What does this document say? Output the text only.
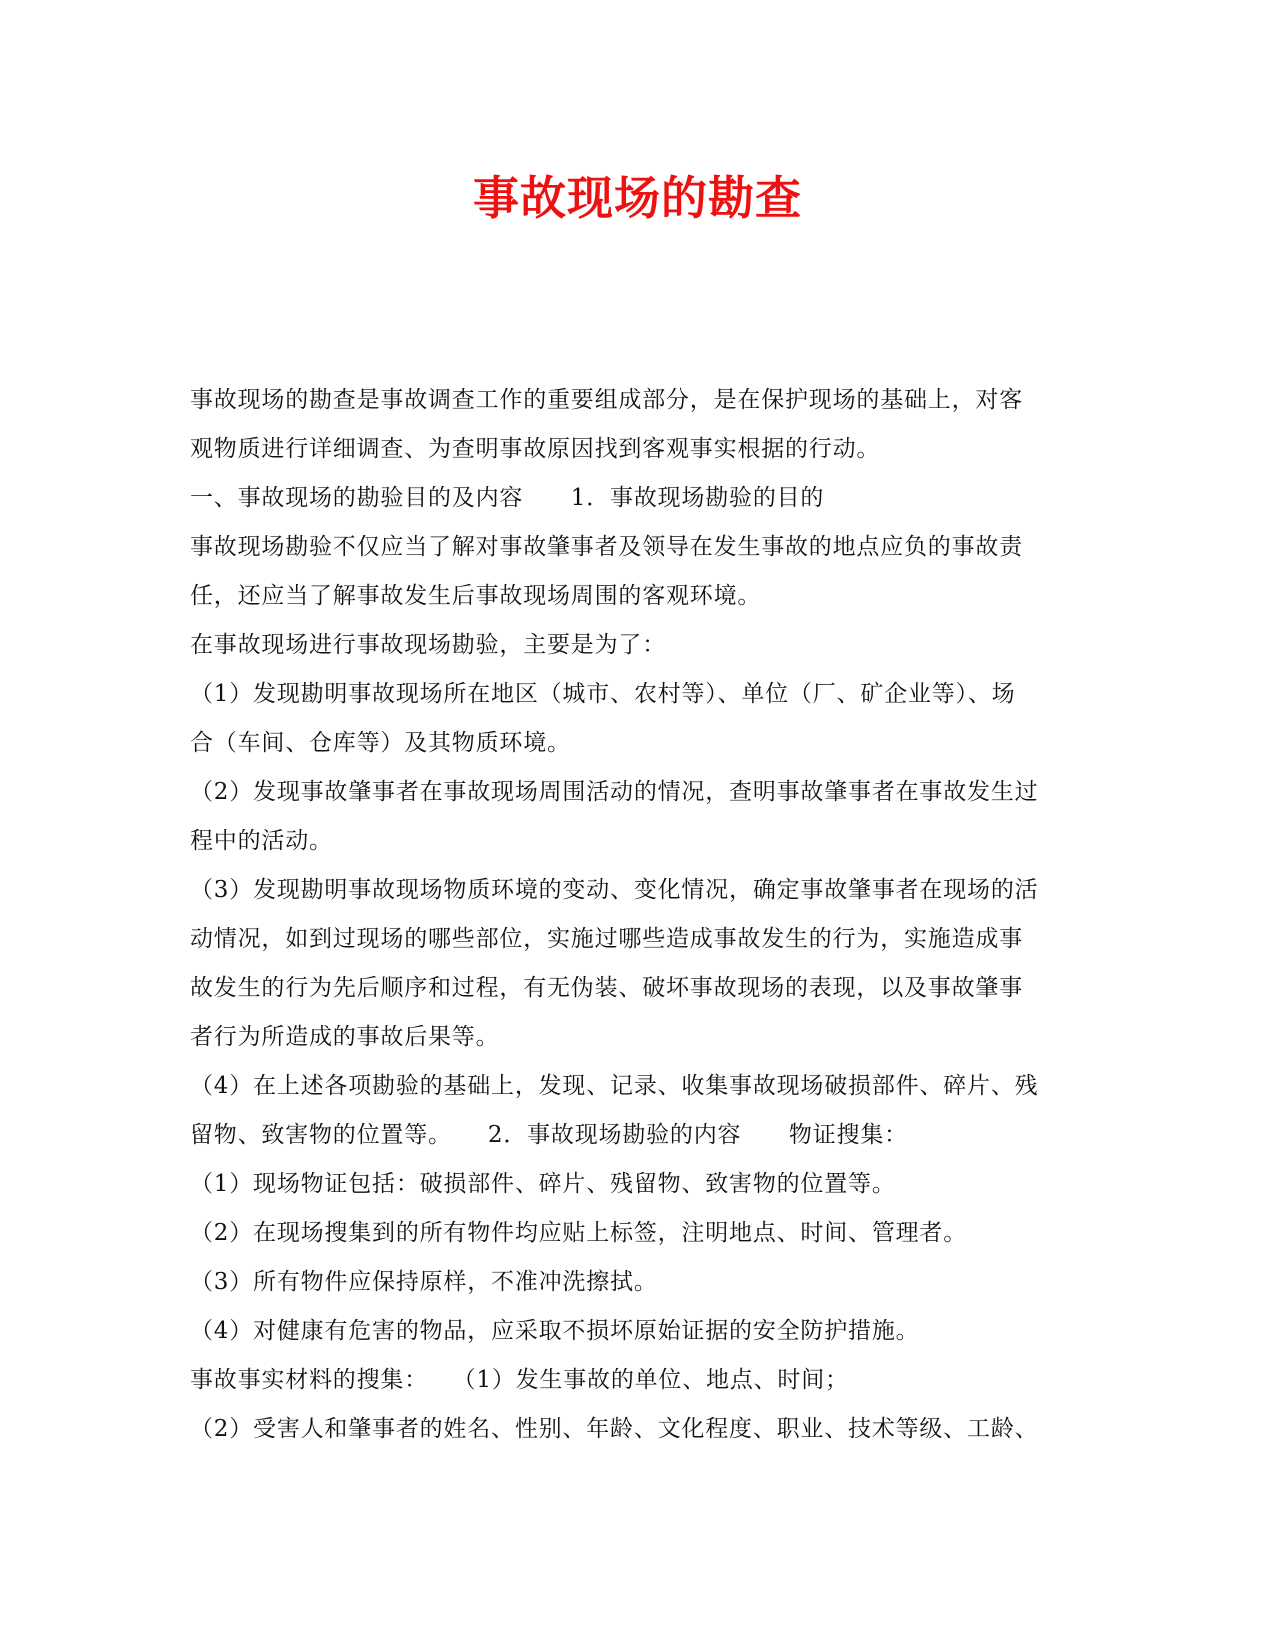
事故现场的勘查
事故现场的勘查是事故调查工作的重要组成部分，是在保护现场的基础上，对客
观物质进行详细调查、为查明事故原因找到客观事实根据的行动。
一、事故现场的勘验目的及内容　　1．事故现场勘验的目的
事故现场勘验不仅应当了解对事故肇事者及领导在发生事故的地点应负的事故责
任，还应当了解事故发生后事故现场周围的客观环境。
在事故现场进行事故现场勘验，主要是为了：
（1）发现勘明事故现场所在地区（城市、农村等）、单位（厂、矿企业等）、场
合（车间、仓库等）及其物质环境。
（2）发现事故肇事者在事故现场周围活动的情况，查明事故肇事者在事故发生过
程中的活动。
（3）发现勘明事故现场物质环境的变动、变化情况，确定事故肇事者在现场的活
动情况，如到过现场的哪些部位，实施过哪些造成事故发生的行为，实施造成事
故发生的行为先后顺序和过程，有无伪装、破坏事故现场的表现，以及事故肇事
者行为所造成的事故后果等。
（4）在上述各项勘验的基础上，发现、记录、收集事故现场破损部件、碎片、残
留物、致害物的位置等。　　2．事故现场勘验的内容　　物证搜集：
（1）现场物证包括：破损部件、碎片、残留物、致害物的位置等。
（2）在现场搜集到的所有物件均应贴上标签，注明地点、时间、管理者。
（3）所有物件应保持原样，不准冲洗擦拭。
（4）对健康有危害的物品，应采取不损坏原始证据的安全防护措施。
事故事实材料的搜集：　　（1）发生事故的单位、地点、时间；
（2）受害人和肇事者的姓名、性别、年龄、文化程度、职业、技术等级、工龄、
